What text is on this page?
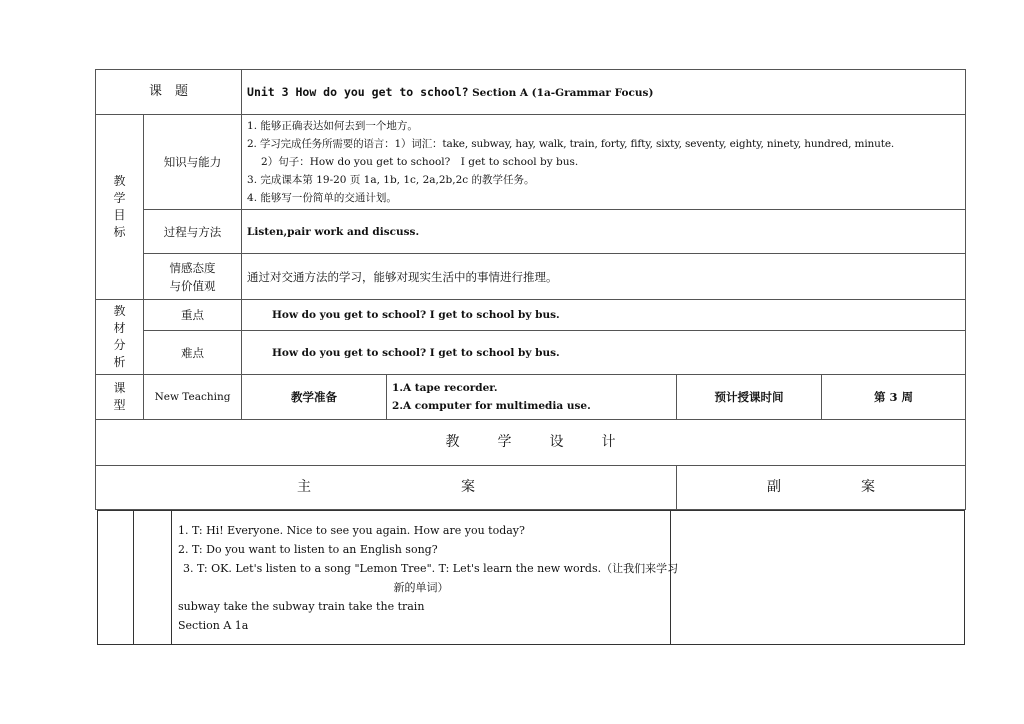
课　题		Unit 3 How do you get to school? Section A (1a-Grammar Focus)			

教学目标	知识与能力	1. 能够正确表达如何去到一个地方。
2. 学习完成任务所需要的语言：1）词汇：take, subway, hay, walk, train, forty, fifty, sixty, seventy, eighty, ninety, hundred, minute.
2）句子：How do you get to school?　I get to school by bus.
3. 完成课本第 19-20 页 1a, 1b, 1c, 2a,2b,2c 的教学任务。
4. 能够写一份简单的交通计划。			

	过程与方法	Listen,pair work and discuss.			

	情感态度
与价值观	通过对交通方法的学习，能够对现实生活中的事情进行推理。			

教材分析	重点	How do you get to school? I get to school by bus.			
	难点	How do you get to school? I get to school by bus.			

课型	New Teaching	教学准备	1.A tape recorder.
2.A computer for multimedia use.	预计授课时间	第 3 周
教学设计					
主案				副案	

1. T: Hi! Everyone. Nice to see you again. How are you today?
2. T: Do you want to listen to an English song?
3. T: OK. Let's listen to a song "Lemon Tree". T: Let's learn the new words.（让我们来学习
新的单词）
subway take the subway train take the train
Section A 1a
